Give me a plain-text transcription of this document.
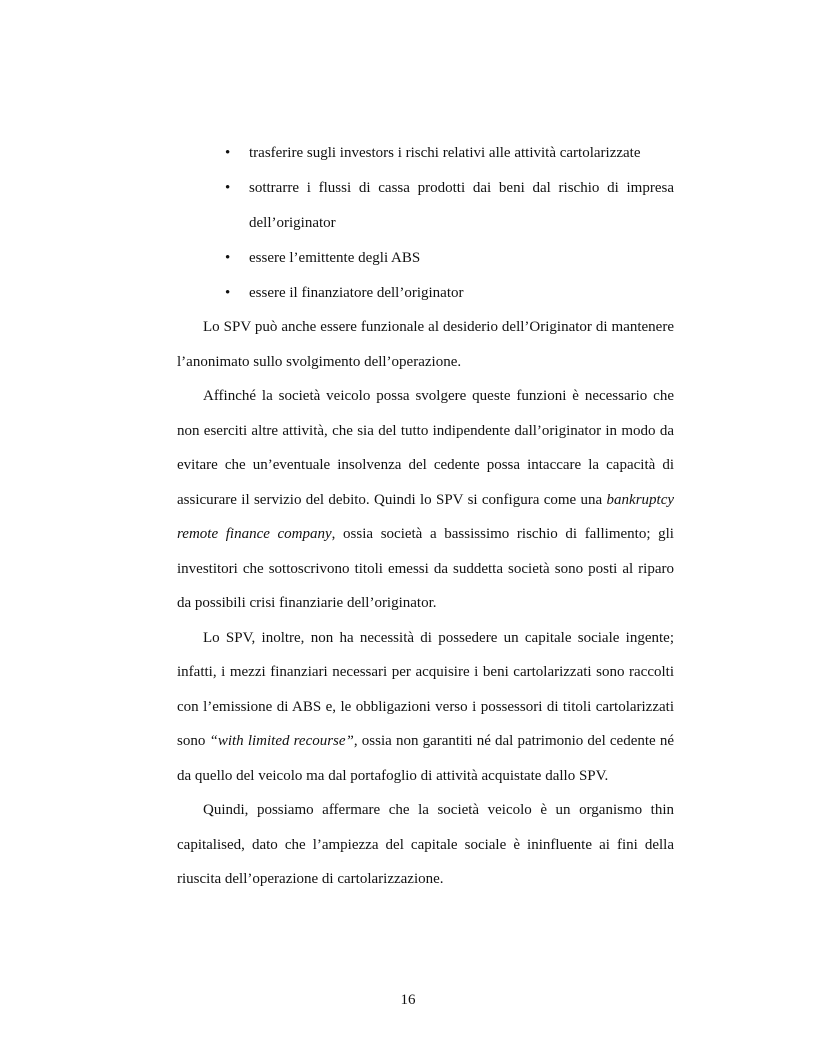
• trasferire sugli investors i rischi relativi alle attività cartolarizzate
• sottrarre i flussi di cassa prodotti dai beni dal rischio di impresa dell’originator
• essere l’emittente degli ABS
• essere il finanziatore dell’originator
Lo SPV può anche essere funzionale al desiderio dell’Originator di mantenere
l’anonimato sullo svolgimento dell’operazione.
Affinché la società veicolo possa svolgere queste funzioni è necessario che
non eserciti altre attività, che sia del tutto indipendente dall’originator in modo da
evitare che un’eventuale insolvenza del cedente possa intaccare la capacità di
assicurare il servizio del debito. Quindi lo SPV si configura come una bankruptcy
remote finance company, ossia società a bassissimo rischio di fallimento; gli
investitori che sottoscrivono titoli emessi da suddetta società sono posti al riparo
da possibili crisi finanziarie dell’originator.
Lo SPV, inoltre, non ha necessità di possedere un capitale sociale ingente;
infatti, i mezzi finanziari necessari per acquisire i beni cartolarizzati sono raccolti
con l’emissione di ABS e, le obbligazioni verso i possessori di titoli cartolarizzati
sono “with limited recourse”, ossia non garantiti né dal patrimonio del cedente né
da quello del veicolo ma dal portafoglio di attività acquistate dallo SPV.
Quindi, possiamo affermare che la società veicolo è un organismo thin
capitalised, dato che l’ampiezza del capitale sociale è ininfluente ai fini della
riuscita dell’operazione di cartolarizzazione.
16
